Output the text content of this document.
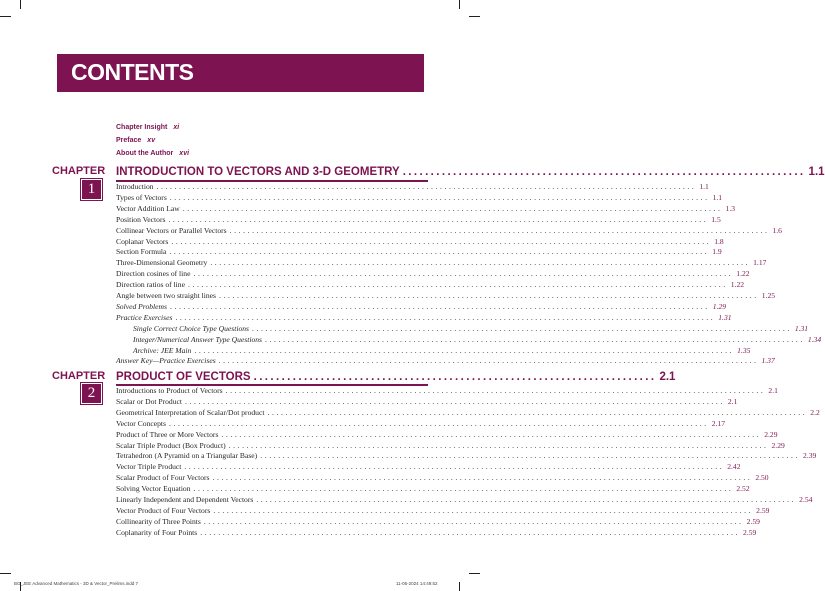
CONTENTS
Chapter Insight xi
Preface xv
About the Author xvi
CHAPTER
1
INTRODUCTION TO VECTORS AND 3-D GEOMETRY ........................................................................ 1.1
Introduction ........................................................................................................................ 1.1
Types of Vectors ........................................................................................................................ 1.1
Vector Addition Law ........................................................................................................................ 1.3
Position Vectors ........................................................................................................................ 1.5
Collinear Vectors or Parallel Vectors ........................................................................................................................ 1.6
Coplanar Vectors ........................................................................................................................ 1.8
Section Formula ........................................................................................................................ 1.9
Three-Dimensional Geometry ........................................................................................................................ 1.17
Direction cosines of line ........................................................................................................................ 1.22
Direction ratios of line ........................................................................................................................ 1.22
Angle between two straight lines ........................................................................................................................ 1.25
Solved Problems ........................................................................................................................ 1.29
Practice Exercises ........................................................................................................................ 1.31
Single Correct Choice Type Questions ........................................................................................................................ 1.31
Integer/Numerical Answer Type Questions ........................................................................................................................ 1.34
Archive: JEE Main ........................................................................................................................ 1.35
Answer Key—Practice Exercises ........................................................................................................................ 1.37
CHAPTER
2
PRODUCT OF VECTORS ........................................................................ 2.1
Introductions to Product of Vectors ........................................................................................................................ 2.1
Scalar or Dot Product ........................................................................................................................ 2.1
Geometrical Interpretation of Scalar/Dot product ........................................................................................................................ 2.2
Vector Concepts ........................................................................................................................ 2.17
Product of Three or More Vectors ........................................................................................................................ 2.29
Scalar Triple Product (Box Product) ........................................................................................................................ 2.29
Tetrahedron (A Pyramid on a Triangular Base) ........................................................................................................................ 2.39
Vector Triple Product ........................................................................................................................ 2.42
Scalar Product of Four Vectors ........................................................................................................................ 2.50
Solving Vector Equation ........................................................................................................................ 2.52
Linearly Independent and Dependent Vectors ........................................................................................................................ 2.54
Vector Product of Four Vectors ........................................................................................................................ 2.59
Collinearity of Three Points ........................................................................................................................ 2.59
Coplanarity of Four Points ........................................................................................................................ 2.59
BG_JEE Advanced Mathematics - 3D & Vector_Prelims.indd 7	11-05-2024 14:49:52
